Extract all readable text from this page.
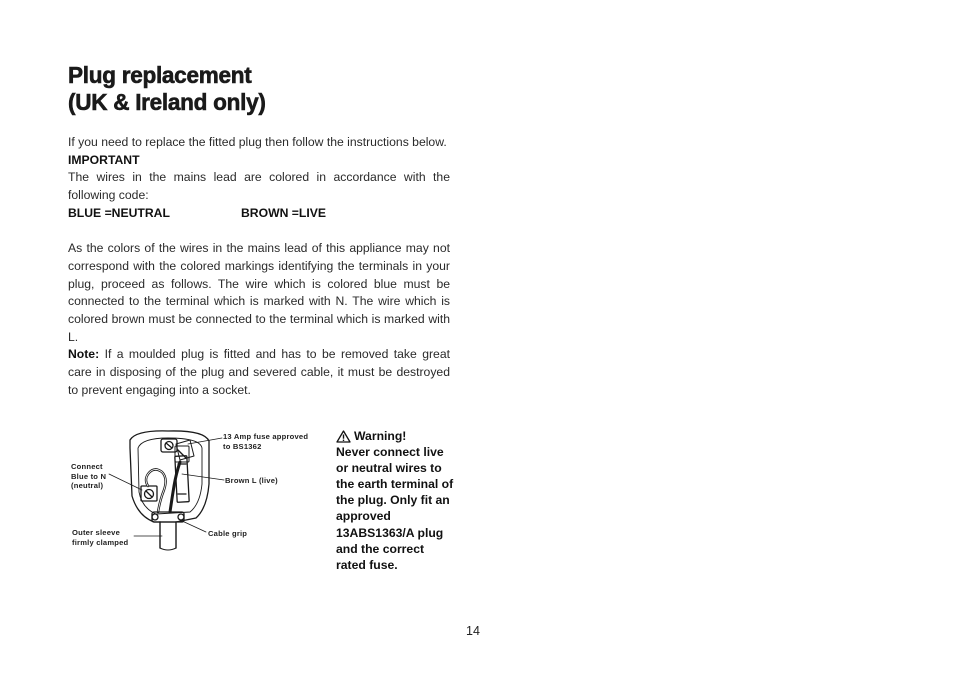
Plug replacement
(UK & Ireland only)

If you need to replace the fitted plug then follow the instructions below.

IMPORTANT

The wires in the mains lead are colored in accordance with the following code:

BLUE =NEUTRAL	BROWN =LIVE

As the colors of the wires in the mains lead of this appliance may not correspond with the colored markings identifying the terminals in your plug, proceed as follows. The wire which is colored blue must be connected to the terminal which is marked with N. The wire which is colored brown must be connected to the terminal which is marked with L.

Note: If a moulded plug is fitted and has to be removed take great care in disposing of the plug and severed cable, it must be destroyed to prevent engaging into a socket.

13 Amp fuse approved
to BS1362
Connect
Blue to N
(neutral)
Brown L (live)
Outer sleeve
firmly clamped
Cable grip
Warning!
Never connect live or neutral wires to the earth terminal of the plug. Only fit an approved 13ABS1363/A plug and the correct rated fuse.
14
